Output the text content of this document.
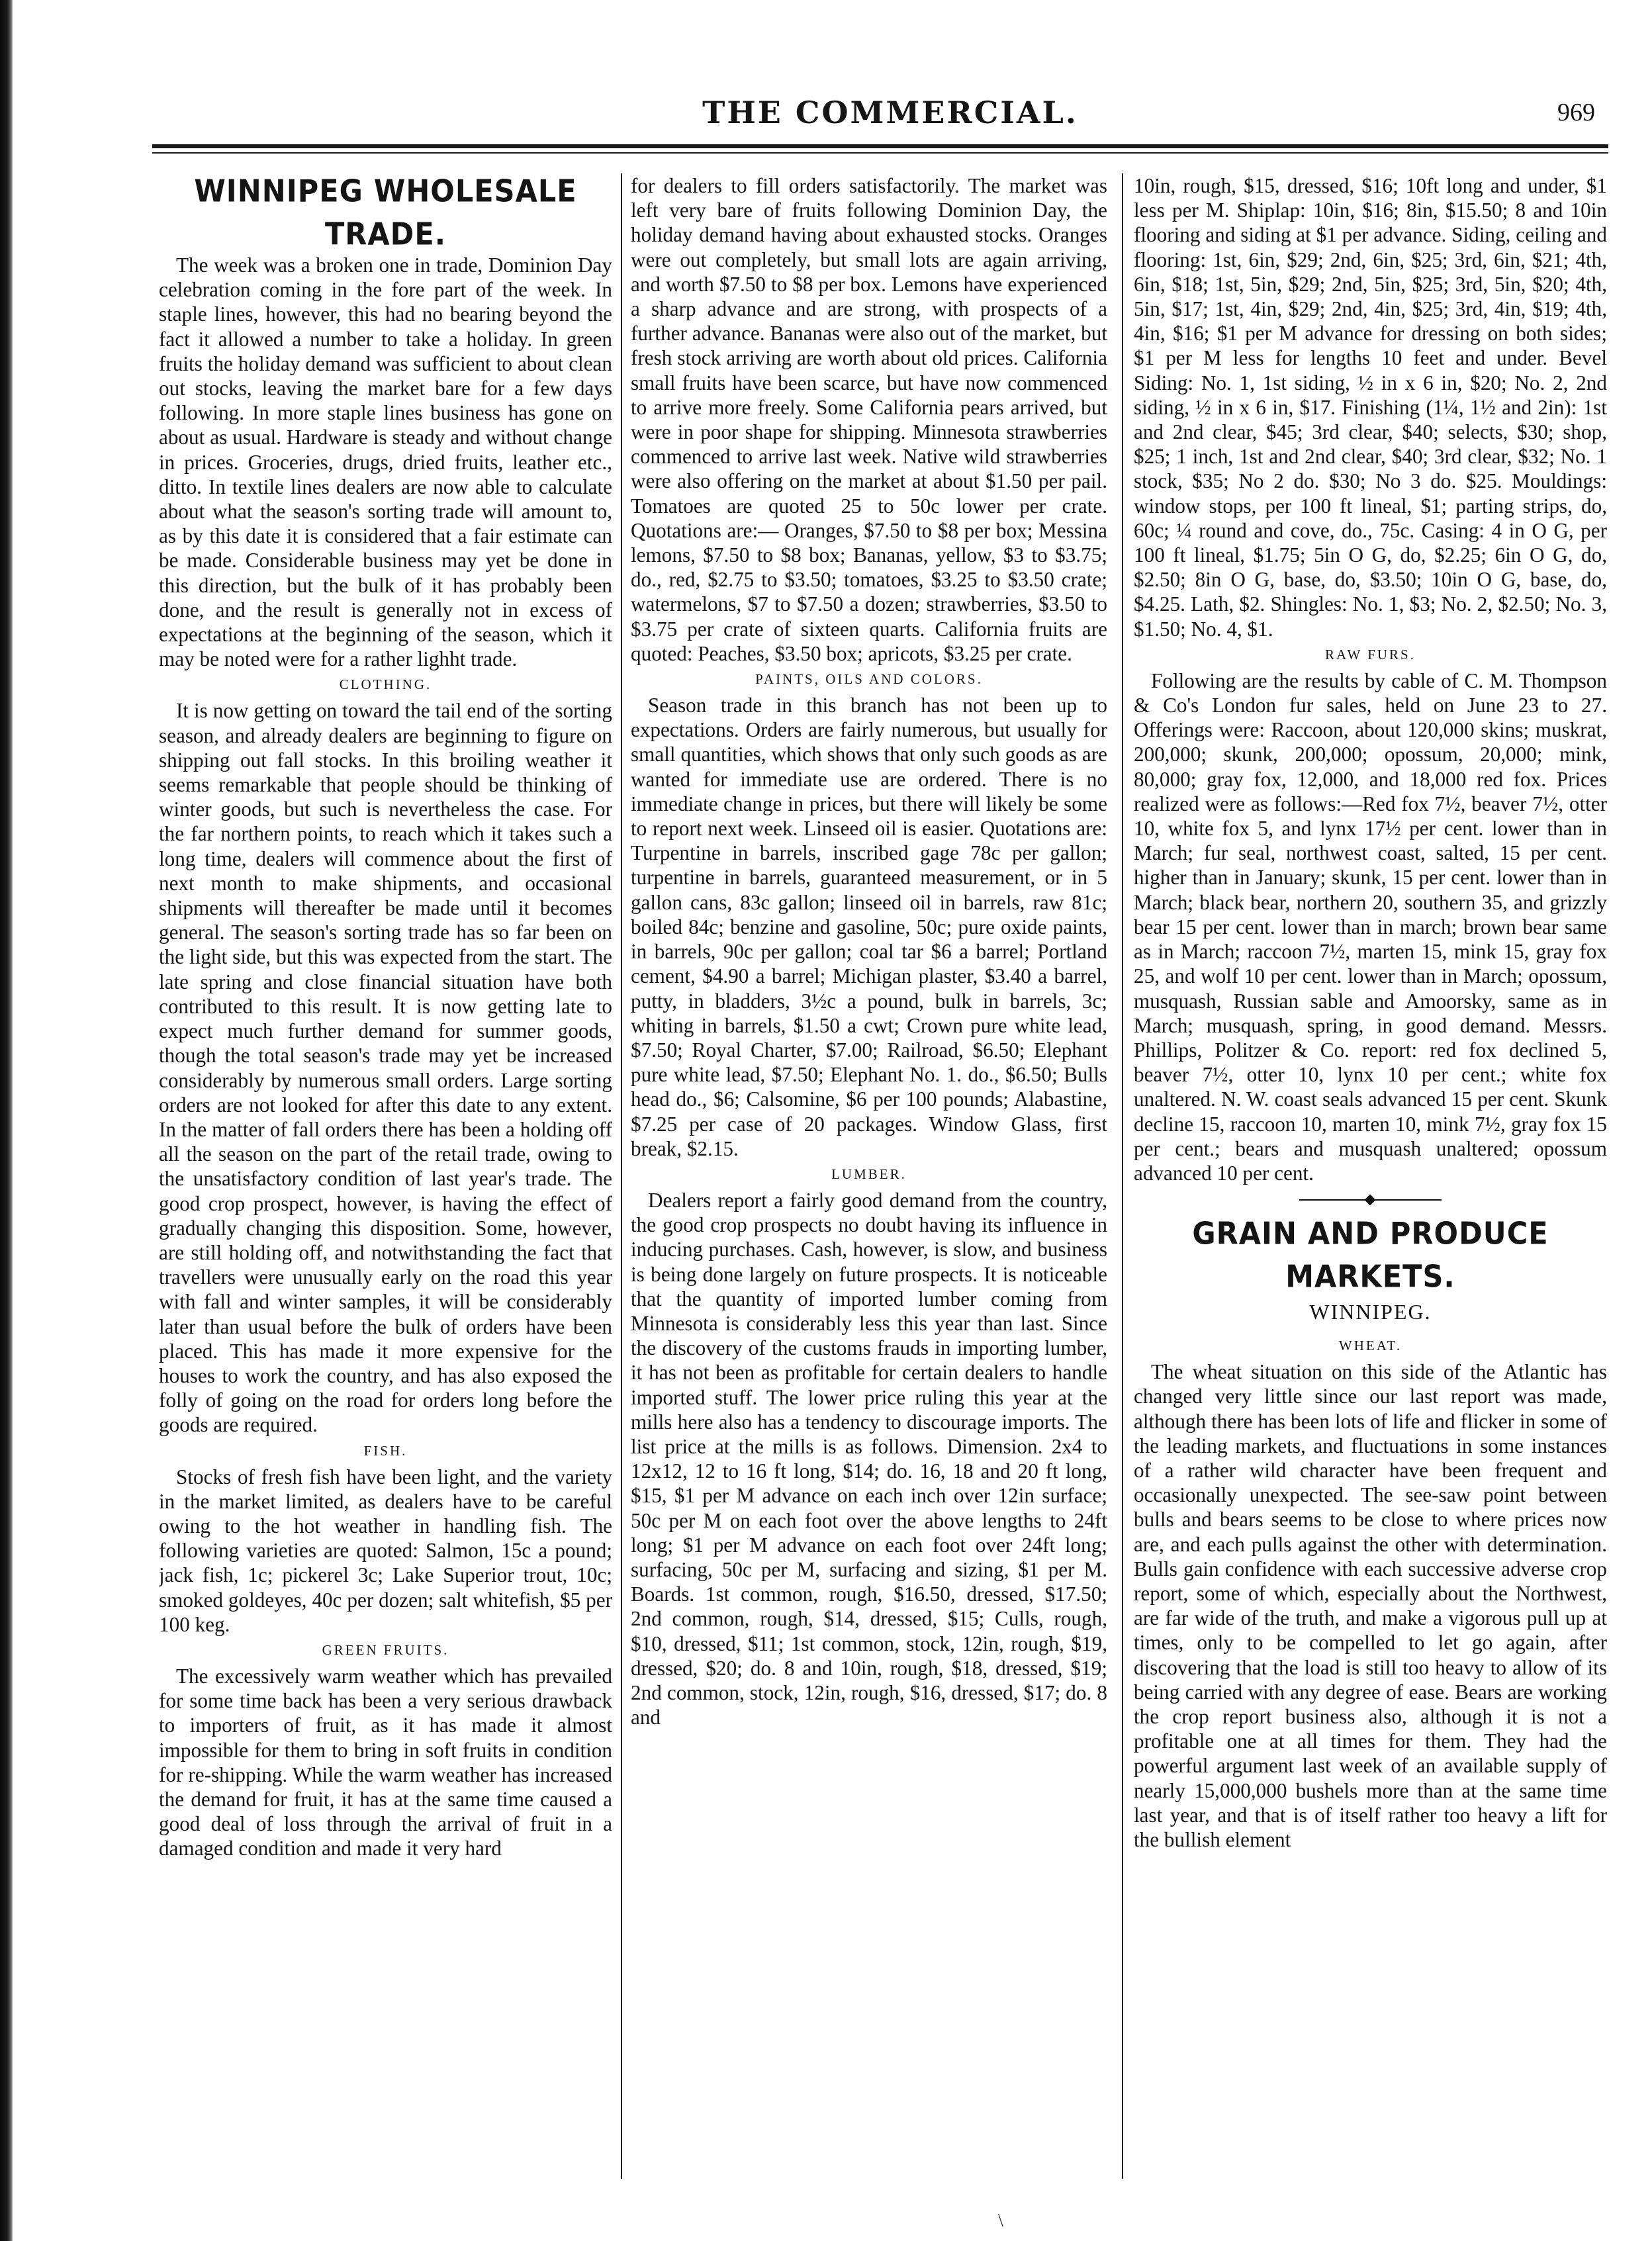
THE COMMERCIAL.	969
WINNIPEG WHOLESALE TRADE.

The week was a broken one in trade, Dominion Day celebration coming in the fore part of the week. In staple lines, however, this had no bearing beyond the fact it allowed a number to take a holiday. In green fruits the holiday demand was sufficient to about clean out stocks, leaving the market bare for a few days following. In more staple lines business has gone on about as usual. Hardware is steady and without change in prices. Groceries, drugs, dried fruits, leather etc., ditto. In textile lines dealers are now able to calculate about what the season's sorting trade will amount to, as by this date it is considered that a fair estimate can be made. Considerable business may yet be done in this direction, but the bulk of it has probably been done, and the result is generally not in excess of expectations at the beginning of the season, which it may be noted were for a rather lighht trade.

CLOTHING.

It is now getting on toward the tail end of the sorting season, and already dealers are beginning to figure on shipping out fall stocks. In this broiling weather it seems remarkable that people should be thinking of winter goods, but such is nevertheless the case. For the far northern points, to reach which it takes such a long time, dealers will commence about the first of next month to make shipments, and occasional shipments will thereafter be made until it becomes general. The season's sorting trade has so far been on the light side, but this was expected from the start. The late spring and close financial situation have both contributed to this result. It is now getting late to expect much further demand for summer goods, though the total season's trade may yet be increased considerably by numerous small orders. Large sorting orders are not looked for after this date to any extent. In the matter of fall orders there has been a holding off all the season on the part of the retail trade, owing to the unsatisfactory condition of last year's trade. The good crop prospect, however, is having the effect of gradually changing this disposition. Some, however, are still holding off, and notwithstanding the fact that travellers were unusually early on the road this year with fall and winter samples, it will be considerably later than usual before the bulk of orders have been placed. This has made it more expensive for the houses to work the country, and has also exposed the folly of going on the road for orders long before the goods are required.

FISH.

Stocks of fresh fish have been light, and the variety in the market limited, as dealers have to be careful owing to the hot weather in handling fish. The following varieties are quoted: Salmon, 15c a pound; jack fish, 1c; pickerel 3c; Lake Superior trout, 10c; smoked goldeyes, 40c per dozen; salt whitefish, $5 per 100 keg.

GREEN FRUITS.

The excessively warm weather which has prevailed for some time back has been a very serious drawback to importers of fruit, as it has made it almost impossible for them to bring in soft fruits in condition for re-shipping. While the warm weather has increased the demand for fruit, it has at the same time caused a good deal of loss through the arrival of fruit in a damaged condition and made it very hard

for dealers to fill orders satisfactorily. The market was left very bare of fruits following Dominion Day, the holiday demand having about exhausted stocks. Oranges were out completely, but small lots are again arriving, and worth $7.50 to $8 per box. Lemons have experienced a sharp advance and are strong, with prospects of a further advance. Bananas were also out of the market, but fresh stock arriving are worth about old prices. California small fruits have been scarce, but have now commenced to arrive more freely. Some California pears arrived, but were in poor shape for shipping. Minnesota strawberries commenced to arrive last week. Native wild strawberries were also offering on the market at about $1.50 per pail. Tomatoes are quoted 25 to 50c lower per crate. Quotations are:— Oranges, $7.50 to $8 per box; Messina lemons, $7.50 to $8 box; Bananas, yellow, $3 to $3.75; do., red, $2.75 to $3.50; tomatoes, $3.25 to $3.50 crate; watermelons, $7 to $7.50 a dozen; strawberries, $3.50 to $3.75 per crate of sixteen quarts. California fruits are quoted: Peaches, $3.50 box; apricots, $3.25 per crate.

PAINTS, OILS AND COLORS.

Season trade in this branch has not been up to expectations. Orders are fairly numerous, but usually for small quantities, which shows that only such goods as are wanted for immediate use are ordered. There is no immediate change in prices, but there will likely be some to report next week. Linseed oil is easier. Quotations are: Turpentine in barrels, inscribed gage 78c per gallon; turpentine in barrels, guaranteed measurement, or in 5 gallon cans, 83c gallon; linseed oil in barrels, raw 81c; boiled 84c; benzine and gasoline, 50c; pure oxide paints, in barrels, 90c per gallon; coal tar $6 a barrel; Portland cement, $4.90 a barrel; Michigan plaster, $3.40 a barrel, putty, in bladders, 3½c a pound, bulk in barrels, 3c; whiting in barrels, $1.50 a cwt; Crown pure white lead, $7.50; Royal Charter, $7.00; Railroad, $6.50; Elephant pure white lead, $7.50; Elephant No. 1. do., $6.50; Bulls head do., $6; Calsomine, $6 per 100 pounds; Alabastine, $7.25 per case of 20 packages. Window Glass, first break, $2.15.

LUMBER.

Dealers report a fairly good demand from the country, the good crop prospects no doubt having its influence in inducing purchases. Cash, however, is slow, and business is being done largely on future prospects. It is noticeable that the quantity of imported lumber coming from Minnesota is considerably less this year than last. Since the discovery of the customs frauds in importing lumber, it has not been as profitable for certain dealers to handle imported stuff. The lower price ruling this year at the mills here also has a tendency to discourage imports. The list price at the mills is as follows. Dimension. 2x4 to 12x12, 12 to 16 ft long, $14; do. 16, 18 and 20 ft long, $15, $1 per M advance on each inch over 12in surface; 50c per M on each foot over the above lengths to 24ft long; $1 per M advance on each foot over 24ft long; surfacing, 50c per M, surfacing and sizing, $1 per M. Boards. 1st common, rough, $16.50, dressed, $17.50; 2nd common, rough, $14, dressed, $15; Culls, rough, $10, dressed, $11; 1st common, stock, 12in, rough, $19, dressed, $20; do. 8 and 10in, rough, $18, dressed, $19; 2nd common, stock, 12in, rough, $16, dressed, $17; do. 8 and

10in, rough, $15, dressed, $16; 10ft long and under, $1 less per M. Shiplap: 10in, $16; 8in, $15.50; 8 and 10in flooring and siding at $1 per advance. Siding, ceiling and flooring: 1st, 6in, $29; 2nd, 6in, $25; 3rd, 6in, $21; 4th, 6in, $18; 1st, 5in, $29; 2nd, 5in, $25; 3rd, 5in, $20; 4th, 5in, $17; 1st, 4in, $29; 2nd, 4in, $25; 3rd, 4in, $19; 4th, 4in, $16; $1 per M advance for dressing on both sides; $1 per M less for lengths 10 feet and under. Bevel Siding: No. 1, 1st siding, ½ in x 6 in, $20; No. 2, 2nd siding, ½ in x 6 in, $17. Finishing (1¼, 1½ and 2in): 1st and 2nd clear, $45; 3rd clear, $40; selects, $30; shop, $25; 1 inch, 1st and 2nd clear, $40; 3rd clear, $32; No. 1 stock, $35; No 2 do. $30; No 3 do. $25. Mouldings: window stops, per 100 ft lineal, $1; parting strips, do, 60c; ¼ round and cove, do., 75c. Casing: 4 in O G, per 100 ft lineal, $1.75; 5in O G, do, $2.25; 6in O G, do, $2.50; 8in O G, base, do, $3.50; 10in O G, base, do, $4.25. Lath, $2. Shingles: No. 1, $3; No. 2, $2.50; No. 3, $1.50; No. 4, $1.

RAW FURS.

Following are the results by cable of C. M. Thompson & Co's London fur sales, held on June 23 to 27. Offerings were: Raccoon, about 120,000 skins; muskrat, 200,000; skunk, 200,000; opossum, 20,000; mink, 80,000; gray fox, 12,000, and 18,000 red fox. Prices realized were as follows:—Red fox 7½, beaver 7½, otter 10, white fox 5, and lynx 17½ per cent. lower than in March; fur seal, northwest coast, salted, 15 per cent. higher than in January; skunk, 15 per cent. lower than in March; black bear, northern 20, southern 35, and grizzly bear 15 per cent. lower than in march; brown bear same as in March; raccoon 7½, marten 15, mink 15, gray fox 25, and wolf 10 per cent. lower than in March; opossum, musquash, Russian sable and Amoorsky, same as in March; musquash, spring, in good demand. Messrs. Phillips, Politzer & Co. report: red fox declined 5, beaver 7½, otter 10, lynx 10 per cent.; white fox unaltered. N. W. coast seals advanced 15 per cent. Skunk decline 15, raccoon 10, marten 10, mink 7½, gray fox 15 per cent.; bears and musquash unaltered; opossum advanced 10 per cent.

GRAIN AND PRODUCE MARKETS.
WINNIPEG.
WHEAT.

The wheat situation on this side of the Atlantic has changed very little since our last report was made, although there has been lots of life and flicker in some of the leading markets, and fluctuations in some instances of a rather wild character have been frequent and occasionally unexpected. The see-saw point between bulls and bears seems to be close to where prices now are, and each pulls against the other with determination. Bulls gain confidence with each successive adverse crop report, some of which, especially about the Northwest, are far wide of the truth, and make a vigorous pull up at times, only to be compelled to let go again, after discovering that the load is still too heavy to allow of its being carried with any degree of ease. Bears are working the crop report business also, although it is not a profitable one at all times for them. They had the powerful argument last week of an available supply of nearly 15,000,000 bushels more than at the same time last year, and that is of itself rather too heavy a lift for the bullish element

\
